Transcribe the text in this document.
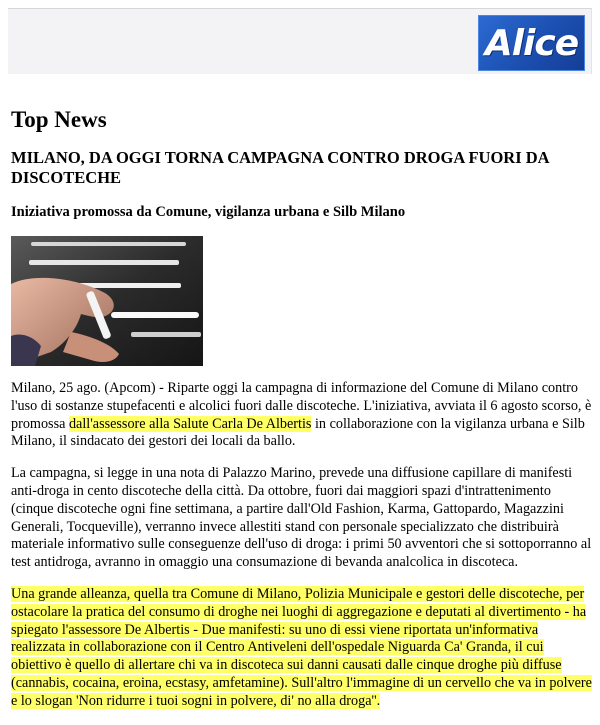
Alice
Top News
MILANO, DA OGGI TORNA CAMPAGNA CONTRO DROGA FUORI DA DISCOTECHE
Iniziativa promossa da Comune, vigilanza urbana e Silb Milano

Milano, 25 ago. (Apcom) - Riparte oggi la campagna di informazione del Comune di Milano contro l'uso di sostanze stupefacenti e alcolici fuori dalle discoteche. L'iniziativa, avviata il 6 agosto scorso, è promossa dall'assessore alla Salute Carla De Albertis in collaborazione con la vigilanza urbana e Silb Milano, il sindacato dei gestori dei locali da ballo.

La campagna, si legge in una nota di Palazzo Marino, prevede una diffusione capillare di manifesti anti-droga in cento discoteche della città. Da ottobre, fuori dai maggiori spazi d'intrattenimento (cinque discoteche ogni fine settimana, a partire dall'Old Fashion, Karma, Gattopardo, Magazzini Generali, Tocqueville), verranno invece allestiti stand con personale specializzato che distribuirà materiale informativo sulle conseguenze dell'uso di droga: i primi 50 avventori che si sottoporranno al test antidroga, avranno in omaggio una consumazione di bevanda analcolica in discoteca.

Una grande alleanza, quella tra Comune di Milano, Polizia Municipale e gestori delle discoteche, per ostacolare la pratica del consumo di droghe nei luoghi di aggregazione e deputati al divertimento - ha spiegato l'assessore De Albertis - Due manifesti: su uno di essi viene riportata un'informativa realizzata in collaborazione con il Centro Antiveleni dell'ospedale Niguarda Ca' Granda, il cui obiettivo è quello di allertare chi va in discoteca sui danni causati dalle cinque droghe più diffuse (cannabis, cocaina, eroina, ecstasy, amfetamine). Sull'altro l'immagine di un cervello che va in polvere e lo slogan 'Non ridurre i tuoi sogni in polvere, di' no alla droga''.
